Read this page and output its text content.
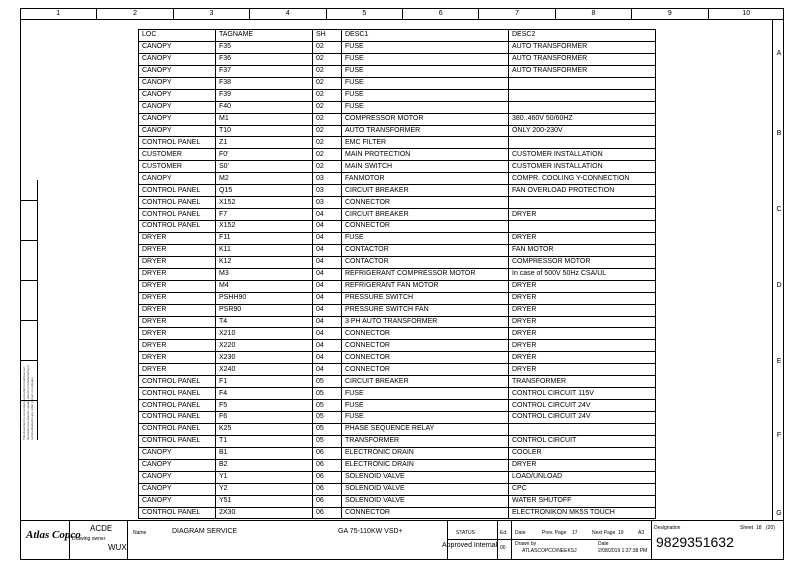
1	2	3	4	5	6	7	8	9	10
A
B
C
D
E
F
G
This document is our property and shall not without our permission be altered, copied, used for manufacturing or communicated to any other person or company.
LOC	TAGNAME	SH	DESC1	DESC2
CANOPY	F35	02	FUSE	AUTO TRANSFORMER
CANOPY	F36	02	FUSE	AUTO TRANSFORMER
CANOPY	F37	02	FUSE	AUTO TRANSFORMER
CANOPY	F38	02	FUSE	
CANOPY	F39	02	FUSE	
CANOPY	F40	02	FUSE	
CANOPY	M1	02	COMPRESSOR MOTOR	380..460V 50/60HZ
CANOPY	T10	02	AUTO TRANSFORMER	ONLY 200-230V
CONTROL PANEL	Z1	02	EMC FILTER	
CUSTOMER	F0'	02	MAIN PROTECTION	CUSTOMER INSTALLATION
CUSTOMER	S0'	02	MAIN SWITCH	CUSTOMER INSTALLATION
CANOPY	M2	03	FANMOTOR	COMPR. COOLING Y-CONNECTION
CONTROL PANEL	Q15	03	CIRCUIT BREAKER	FAN OVERLOAD PROTECTION
CONTROL PANEL	X152	03	CONNECTOR	
CONTROL PANEL	F7	04	CIRCUIT BREAKER	DRYER
CONTROL PANEL	X152	04	CONNECTOR	
DRYER	F11	04	FUSE	DRYER
DRYER	K11	04	CONTACTOR	FAN MOTOR
DRYER	K12	04	CONTACTOR	COMPRESSOR MOTOR
DRYER	M3	04	REFRIGERANT COMPRESSOR MOTOR	In case of 500V 50Hz CSA/UL
DRYER	M4	04	REFRIGERANT FAN MOTOR	DRYER
DRYER	PSHH90	04	PRESSURE SWITCH	DRYER
DRYER	PSR90	04	PRESSURE SWITCH FAN	DRYER
DRYER	T4	04	3 PH AUTO TRANSFORMER	DRYER
DRYER	X210	04	CONNECTOR	DRYER
DRYER	X220	04	CONNECTOR	DRYER
DRYER	X230	04	CONNECTOR	DRYER
DRYER	X240	04	CONNECTOR	DRYER
CONTROL PANEL	F1	05	CIRCUIT BREAKER	TRANSFORMER
CONTROL PANEL	F4	05	FUSE	CONTROL CIRCUIT 115V
CONTROL PANEL	F5	05	FUSE	CONTROL CIRCUIT 24V
CONTROL PANEL	F6	05	FUSE	CONTROL CIRCUIT 24V
CONTROL PANEL	K25	05	PHASE SEQUENCE RELAY	
CONTROL PANEL	T1	05	TRANSFORMER	CONTROL CIRCUIT
CANOPY	B1	06	ELECTRONIC DRAIN	COOLER
CANOPY	B2	06	ELECTRONIC DRAIN	DRYER
CANOPY	Y1	06	SOLENOID VALVE	LOAD/UNLOAD
CANOPY	Y2	06	SOLENOID VALVE	CPC
CANOPY	Y51	06	SOLENOID VALVE	WATER SHUTOFF
CONTROL PANEL	2X30	06	CONNECTOR	ELECTRONIKON MK5S TOUCH
ACDE
Drawing owner
WUX
Name	DIAGRAM SERVICE	GA 75-110KW VSD+	STATUS
Approved Internal
Ed.
00
Date	Prev. Page 17	Next Page 19	A3
Drawn by
ATLASCOPCO\NEEKSJ
Date
2/08/2019 1:37:38 PM
Designation	Sheet 18 (20)
9829351632
Atlas Copco
